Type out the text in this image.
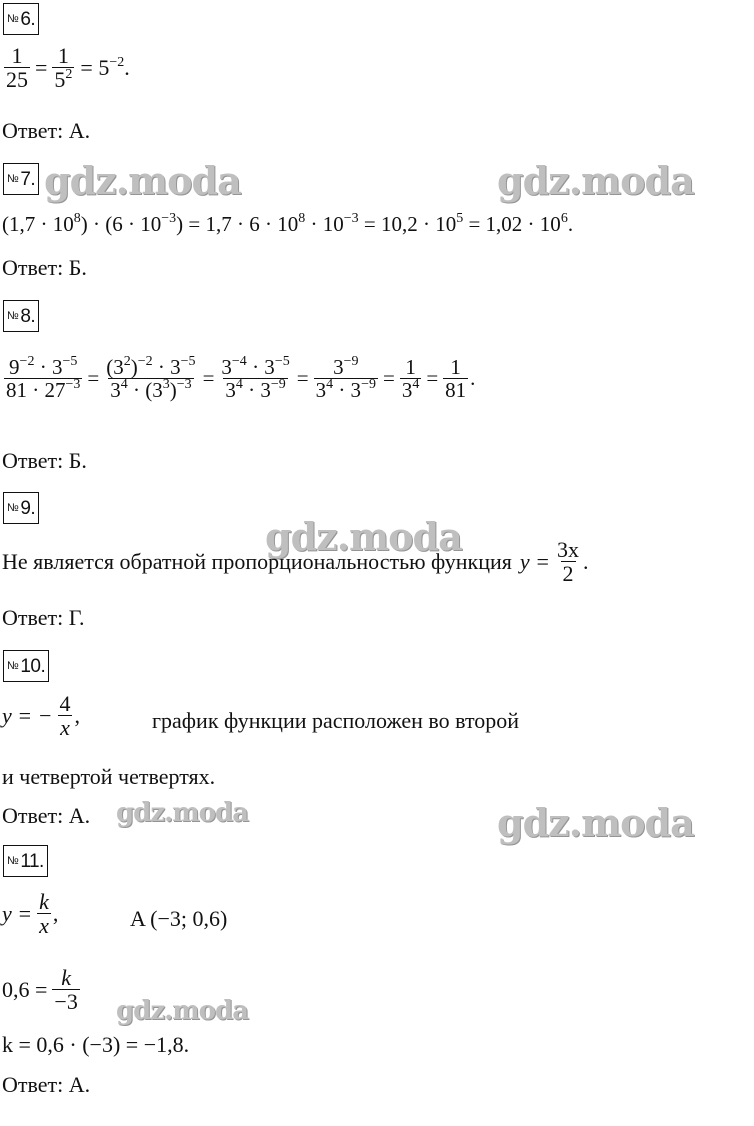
№ 6.
$\frac{1}{25} = \frac{1}{5^2} = 5^{-2}$.
Ответ: А.
№ 7. gdz.moda	gdz.moda
$(1,7 \cdot 10^8) \cdot (6 \cdot 10^{-3}) = 1,7 \cdot 6 \cdot 10^8 \cdot 10^{-3} = 10,2 \cdot 10^5 = 1,02 \cdot 10^6$.
Ответ: Б.
№ 8.
$\frac{9^{-2} \cdot 3^{-5}}{81 \cdot 27^{-3}} = \frac{(3^2)^{-2} \cdot 3^{-5}}{3^4 \cdot (3^3)^{-3}} = \frac{3^{-4} \cdot 3^{-5}}{3^4 \cdot 3^{-9}} = \frac{3^{-9}}{3^4 \cdot 3^{-9}} = \frac{1}{3^4} = \frac{1}{81}$ .
Ответ: Б.
№ 9.
gdz.moda
Не является обратной пропорциональностью функция $y = \frac{3x}{2}$ .
Ответ: Г.
№ 10.
y = − $\frac{4}{x}$ ,	график функции расположен во второй
и четвертой четвертях.
Ответ: А. gdz.moda	gdz.moda
№ 11.
$y = \frac{k}{x}$ ,	A (−3; 0,6)
$0,6 = \frac{k}{-3}$ gdz.moda
k = 0,6 · (−3) = −1,8.
Ответ: А.
